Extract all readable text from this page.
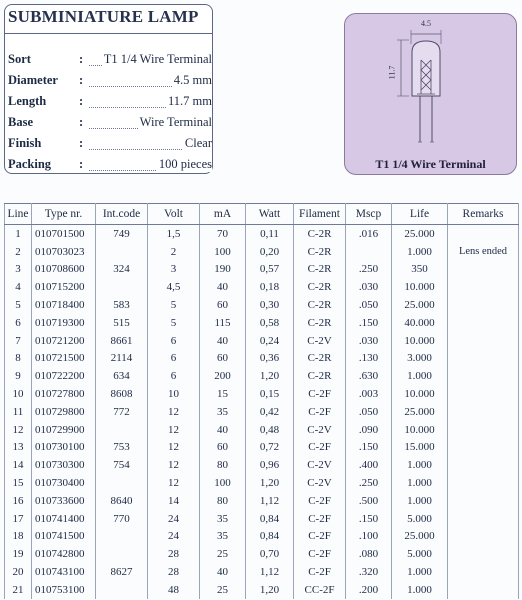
SUBMINIATURE LAMP
Sort	: T1 1/4 Wire Terminal
Diameter :	4.5 mm
Length	:	11.7 mm
Base	:	Wire Terminal
Finish	:	Clear
Packing :	100 pieces
4.5
11.7
T1 1/4 Wire Terminal
Line	Type nr.	Int.code	Volt	mA	Watt	Filament	Mscp	Life	Remarks
1	010701500	749	1,5	70	0,11	C-2R	.016	25.000	
2	010703023		2	100	0,20	C-2R		1.000	Lens ended
3	010708600	324	3	190	0,57	C-2R	.250	350	
4	010715200		4,5	40	0,18	C-2R	.030	10.000	
5	010718400	583	5	60	0,30	C-2R	.050	25.000	
6	010719300	515	5	115	0,58	C-2R	.150	40.000	
7	010721200	8661	6	40	0,24	C-2V	.030	10.000	
8	010721500	2114	6	60	0,36	C-2R	.130	3.000	
9	010722200	634	6	200	1,20	C-2R	.630	1.000	
10	010727800	8608	10	15	0,15	C-2F	.003	10.000	
11	010729800	772	12	35	0,42	C-2F	.050	25.000	
12	010729900		12	40	0,48	C-2V	.090	10.000	
13	010730100	753	12	60	0,72	C-2F	.150	15.000	
14	010730300	754	12	80	0,96	C-2V	.400	1.000	
15	010730400		12	100	1,20	C-2V	.250	1.000	
16	010733600	8640	14	80	1,12	C-2F	.500	1.000	
17	010741400	770	24	35	0,84	C-2F	.150	5.000	
18	010741500		24	35	0,84	C-2F	.100	25.000	
19	010742800		28	25	0,70	C-2F	.080	5.000	
20	010743100	8627	28	40	1,12	C-2F	.320	1.000	
21	010753100		48	25	1,20	CC-2F	.200	1.000	
